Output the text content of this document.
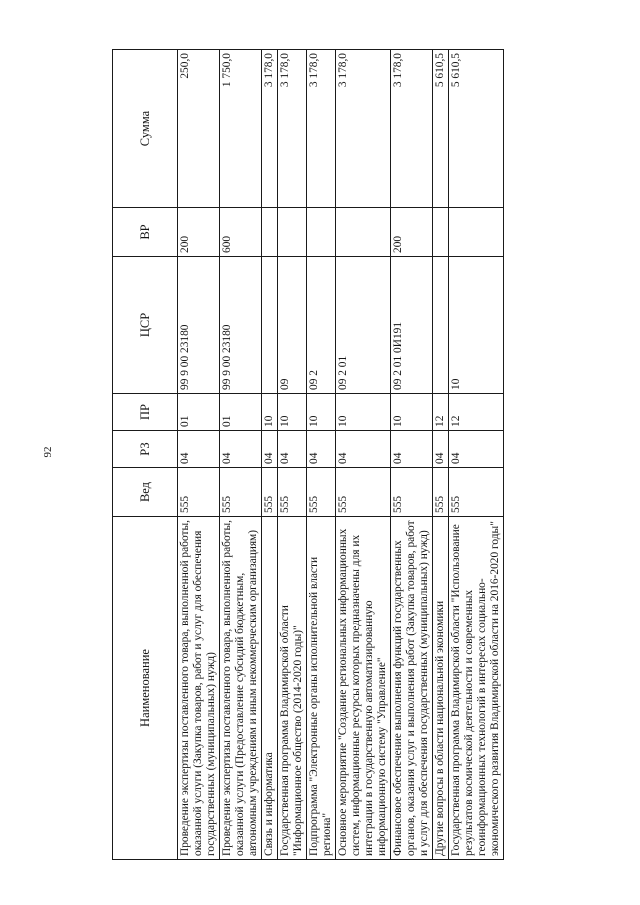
92
Наименование	Вед	РЗ	ПР	ЦСР	ВР	Сумма
Проведение экспертизы поставленного товара, выполненной работы, оказанной услуги (Закупка товаров, работ и услуг для обеспечения государственных (муниципальных) нужд)	555	04	01	99 9 00 23180	200	250,0
Проведение экспертизы поставленного товара, выполненной работы, оказанной услуги (Предоставление субсидий бюджетным, автономным учреждениям и иным некоммерческим организациям)	555	04	01	99 9 00 23180	600	1 750,0
Связь и информатика	555	04	10			3 178,0
Государственная программа Владимирской области "Информационное общество (2014-2020 годы)"	555	04	10	09		3 178,0
Подпрограмма "Электронные органы исполнительной власти региона"	555	04	10	09 2		3 178,0
Основное мероприятие "Создание региональных информационных систем, информационные ресурсы которых предназначены для их интеграции в государственную автоматизированную информационную систему "Управление"	555	04	10	09 2 01		3 178,0
Финансовое обеспечение выполнения функций государственных органов, оказания услуг и выполнения работ (Закупка товаров, работ и услуг для обеспечения государственных (муниципальных) нужд)	555	04	10	09 2 01 0И191	200	3 178,0
Другие вопросы в области национальной экономики	555	04	12			5 610,5
Государственная программа Владимирской области "Использование результатов космической деятельности и современных геоинформационных технологий в интересах социально-экономического развития Владимирской области на 2016-2020 годы"	555	04	12	10		5 610,5
